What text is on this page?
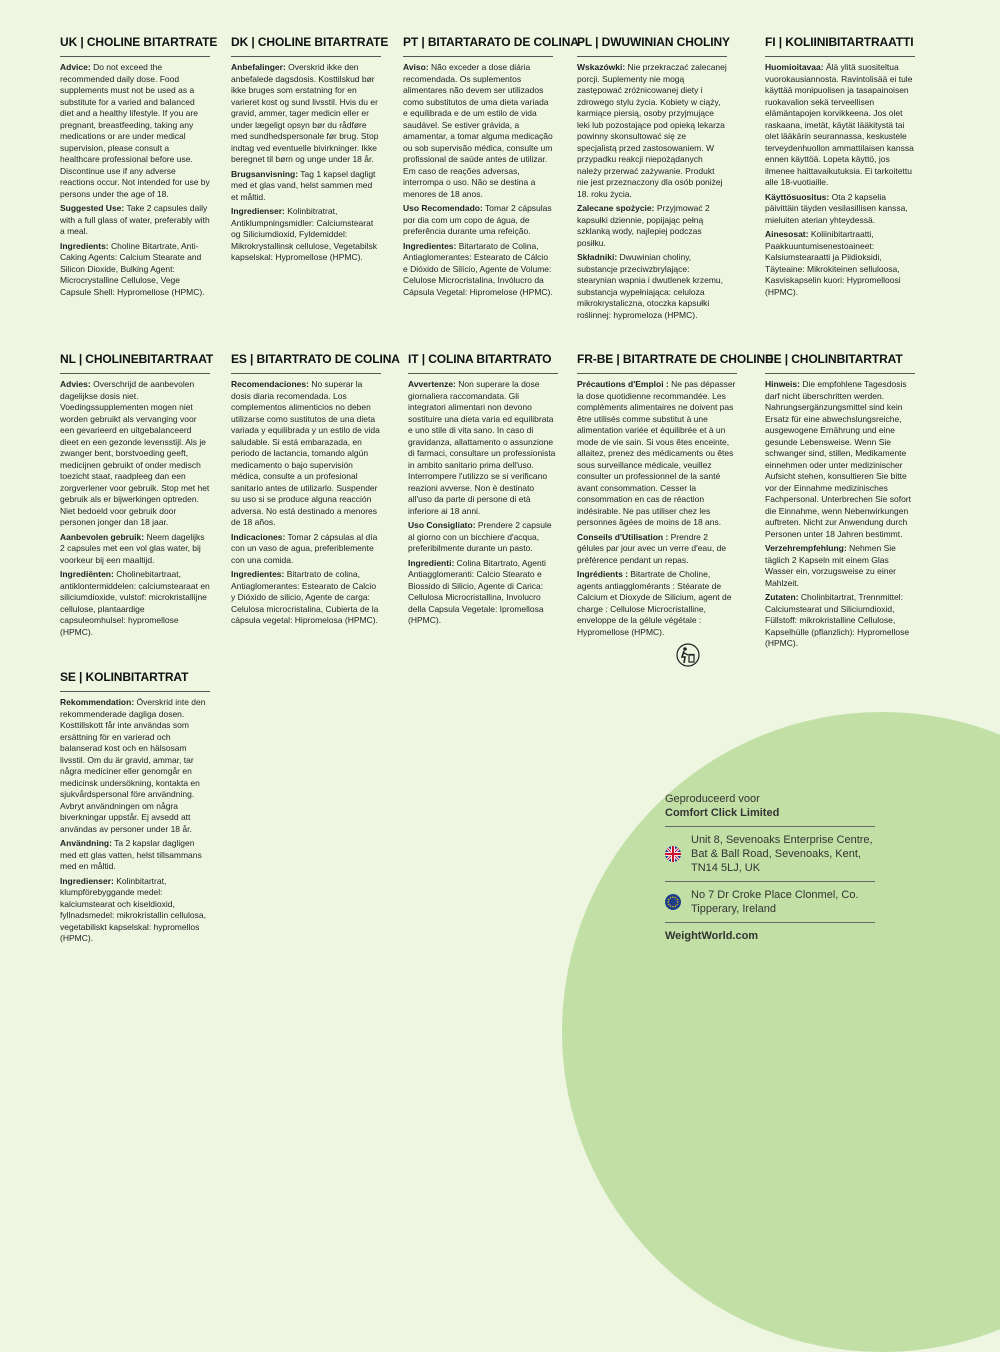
UK | CHOLINE BITARTRATE

Advice: Do not exceed the recommended daily dose. Food supplements must not be used as a substitute for a varied and balanced diet and a healthy lifestyle. If you are pregnant, breastfeeding, taking any medications or are under medical supervision, please consult a healthcare professional before use. Discontinue use if any adverse reactions occur. Not intended for use by persons under the age of 18.

Suggested Use: Take 2 capsules daily with a full glass of water, preferably with a meal.

Ingredients: Choline Bitartrate, Anti-Caking Agents: Calcium Stearate and Silicon Dioxide, Bulking Agent: Microcrystalline Cellulose, Vege Capsule Shell: Hypromellose (HPMC).

DK | CHOLINE BITARTRATE

Anbefalinger: Overskrid ikke den anbefalede dagsdosis. Kosttilskud bør ikke bruges som erstatning for en varieret kost og sund livsstil. Hvis du er gravid, ammer, tager medicin eller er under lægeligt opsyn bør du rådføre med sundhedspersonale før brug. Stop indtag ved eventuelle bivirkninger. Ikke beregnet til børn og unge under 18 år.

Brugsanvisning: Tag 1 kapsel dagligt med et glas vand, helst sammen med et måltid.

Ingredienser: Kolinbitratrat, Antiklumpningsmidler: Calciumstearat og Siliciumdioxid, Fyldemiddel: Mikrokrystallinsk cellulose, Vegetabilsk kapselskal: Hypromellose (HPMC).

PT | BITARTARATO DE COLINA

Aviso: Não exceder a dose diária recomendada. Os suplementos alimentares não devem ser utilizados como substitutos de uma dieta variada e equilibrada e de um estilo de vida saudável. Se estiver grávida, a amamentar, a tomar alguma medicação ou sob supervisão médica, consulte um profissional de saúde antes de utilizar. Em caso de reações adversas, interrompa o uso. Não se destina a menores de 18 anos.

Uso Recomendado: Tomar 2 cápsulas por dia com um copo de água, de preferência durante uma refeição.

Ingredientes: Bitartarato de Colina, Antiaglomerantes: Estearato de Cálcio e Dióxido de Silício, Agente de Volume: Celulose Microcristalina, Invólucro da Cápsula Vegetal: Hipromelose (HPMC).

PL | DWUWINIAN CHOLINY

Wskazówki: Nie przekraczać zalecanej porcji. Suplementy nie mogą zastępować zróżnicowanej diety i zdrowego stylu życia. Kobiety w ciąży, karmiące piersią, osoby przyjmujące leki lub pozostające pod opieką lekarza powinny skonsultować się ze specjalistą przed zastosowaniem. W przypadku reakcji niepożądanych należy przerwać zażywanie. Produkt nie jest przeznaczony dla osób poniżej 18. roku życia.

Zalecane spożycie: Przyjmować 2 kapsułki dziennie, popijając pełną szklanką wody, najlepiej podczas posiłku.

Składniki: Dwuwinian choliny, substancje przeciwzbrylające: stearynian wapnia i dwutlenek krzemu, substancja wypełniająca: celuloza mikrokrystaliczna, otoczka kapsułki roślinnej: hypromeloza (HPMC).

FI | KOLIINIBITARTRAATTI

Huomioitavaa: Älä ylitä suositeltua vuorokausiannosta. Ravintolisää ei tule käyttää monipuolisen ja tasapainoisen ruokavalion sekä terveellisen elämäntapojen korvikkeena. Jos olet raskaana, imetät, käytät lääkitystä tai olet lääkärin seurannassa, keskustele terveydenhuollon ammattilaisen kanssa ennen käyttöä. Lopeta käyttö, jos ilmenee haittavaikutuksia. Ei tarkoitettu alle 18-vuotiaille.

Käyttösuositus: Ota 2 kapselia päivittäin täyden vesilasillisen kanssa, mieluiten aterian yhteydessä.

Ainesosat: Koliinibitartraatti, Paakkuuntumisenestoaineet: Kalsiumstearaatti ja Piidioksidi, Täyteaine: Mikrokiteinen selluloosa, Kasviskapselin kuori: Hypromelloosi (HPMC).

NL | CHOLINEBITARTRAAT

Advies: Overschrijd de aanbevolen dagelijkse dosis niet. Voedingssupplementen mogen niet worden gebruikt als vervanging voor een gevarieerd en uitgebalanceerd dieet en een gezonde levensstijl. Als je zwanger bent, borstvoeding geeft, medicijnen gebruikt of onder medisch toezicht staat, raadpleeg dan een zorgverlener voor gebruik. Stop met het gebruik als er bijwerkingen optreden. Niet bedoeld voor gebruik door personen jonger dan 18 jaar.

Aanbevolen gebruik: Neem dagelijks 2 capsules met een vol glas water, bij voorkeur bij een maaltijd.

Ingrediënten: Cholinebitartraat, antiklontermiddelen: calciumstearaat en siliciumdioxide, vulstof: microkristallijne cellulose, plantaardige capsuleomhulsel: hypromellose (HPMC).

ES | BITARTRATO DE COLINA

Recomendaciones: No superar la dosis diaria recomendada. Los complementos alimenticios no deben utilizarse como sustitutos de una dieta variada y equilibrada y un estilo de vida saludable. Si está embarazada, en periodo de lactancia, tomando algún medicamento o bajo supervisión médica, consulte a un profesional sanitario antes de utilizarlo. Suspender su uso si se produce alguna reacción adversa. No está destinado a menores de 18 años.

Indicaciones: Tomar 2 cápsulas al día con un vaso de agua, preferiblemente con una comida.

Ingredientes: Bitartrato de colina, Antiaglomerantes: Estearato de Calcio y Dióxido de silicio, Agente de carga: Celulosa microcristalina, Cubierta de la cápsula vegetal: Hipromelosa (HPMC).

IT | COLINA BITARTRATO

Avvertenze: Non superare la dose giornaliera raccomandata. Gli integratori alimentari non devono sostituire una dieta varia ed equilibrata e uno stile di vita sano. In caso di gravidanza, allattamento o assunzione di farmaci, consultare un professionista in ambito sanitario prima dell'uso. Interrompere l'utilizzo se si verificano reazioni avverse. Non è destinato all'uso da parte di persone di età inferiore ai 18 anni.

Uso Consigliato: Prendere 2 capsule al giorno con un bicchiere d'acqua, preferibilmente durante un pasto.

Ingredienti: Colina Bitartrato, Agenti Antiagglomeranti: Calcio Stearato e Biossido di Silicio, Agente di Carica: Cellulosa Microcristallina, Involucro della Capsula Vegetale: Ipromellosa (HPMC).

FR-BE | BITARTRATE DE CHOLINE

Précautions d'Emploi : Ne pas dépasser la dose quotidienne recommandée. Les compléments alimentaires ne doivent pas être utilisés comme substitut à une alimentation variée et équilibrée et à un mode de vie sain. Si vous êtes enceinte, allaitez, prenez des médicaments ou êtes sous surveillance médicale, veuillez consulter un professionnel de la santé avant consommation. Cesser la consommation en cas de réaction indésirable. Ne pas utiliser chez les personnes âgées de moins de 18 ans.

Conseils d'Utilisation : Prendre 2 gélules par jour avec un verre d'eau, de préférence pendant un repas.

Ingrédients : Bitartrate de Choline, agents antiagglomérants : Stéarate de Calcium et Dioxyde de Silicium, agent de charge : Cellulose Microcristalline, enveloppe de la gélule végétale : Hypromellose (HPMC).

DE | CHOLINBITARTRAT

Hinweis: Die empfohlene Tagesdosis darf nicht überschritten werden. Nahrungsergänzungsmittel sind kein Ersatz für eine abwechslungsreiche, ausgewogene Ernährung und eine gesunde Lebensweise. Wenn Sie schwanger sind, stillen, Medikamente einnehmen oder unter medizinischer Aufsicht stehen, konsultieren Sie bitte vor der Einnahme medizinisches Fachpersonal. Unterbrechen Sie sofort die Einnahme, wenn Nebenwirkungen auftreten. Nicht zur Anwendung durch Personen unter 18 Jahren bestimmt.

Verzehrempfehlung: Nehmen Sie täglich 2 Kapseln mit einem Glas Wasser ein, vorzugsweise zu einer Mahlzeit.

Zutaten: Cholinbitartrat, Trennmittel: Calciumstearat und Siliciumdioxid, Füllstoff: mikrokristalline Cellulose, Kapselhülle (pflanzlich): Hypromellose (HPMC).

SE | KOLINBITARTRAT

Rekommendation: Överskrid inte den rekommenderade dagliga dosen. Kosttillskott får inte användas som ersättning för en varierad och balanserad kost och en hälsosam livsstil. Om du är gravid, ammar, tar några mediciner eller genomgår en medicinsk undersökning, kontakta en sjukvårdspersonal före användning. Avbryt användningen om några biverkningar uppstår. Ej avsedd att användas av personer under 18 år.

Användning: Ta 2 kapslar dagligen med ett glas vatten, helst tillsammans med en måltid.

Ingredienser: Kolinbitartrat, klumpförebyggande medel: kalciumstearat och kiseldioxid, fyllnadsmedel: mikrokristallin cellulosa, vegetabiliskt kapselskal: hypromellos (HPMC).

Geproduceerd voor
Comfort Click Limited
Unit 8, Sevenoaks Enterprise Centre, Bat & Ball Road, Sevenoaks, Kent, TN14 5LJ, UK
No 7 Dr Croke Place Clonmel, Co. Tipperary, Ireland
WeightWorld.com
